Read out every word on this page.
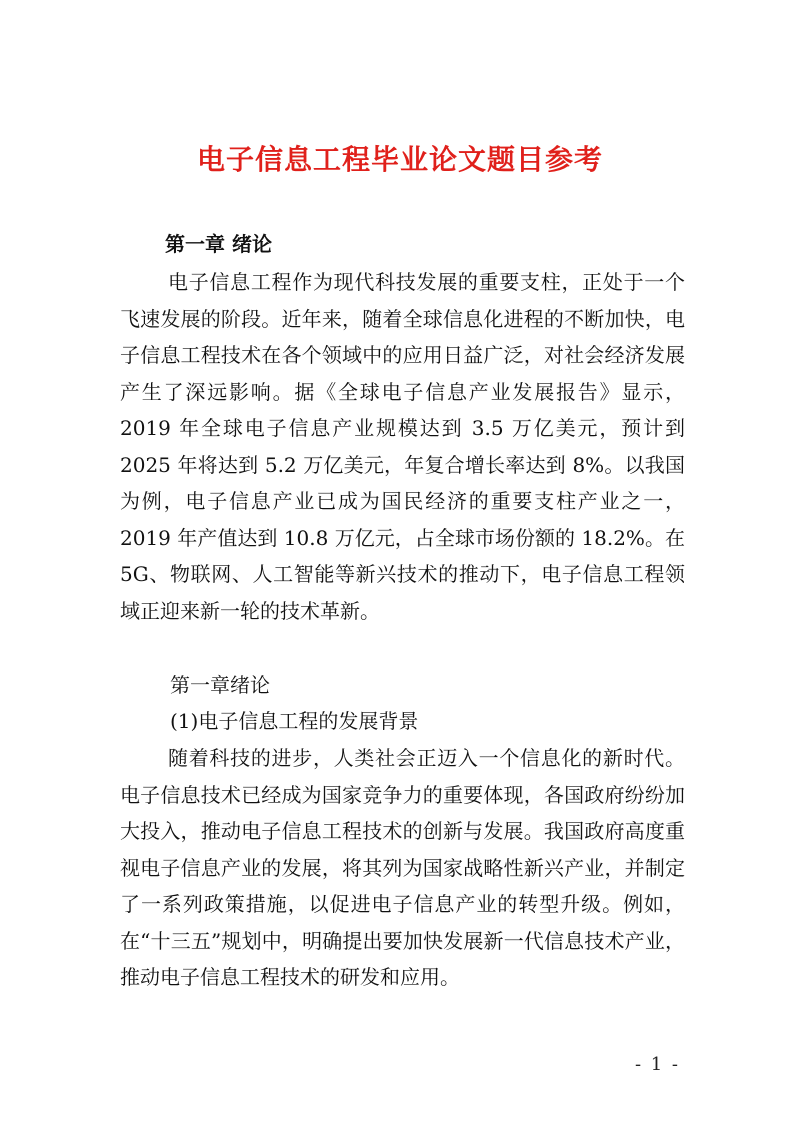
电子信息工程毕业论文题目参考

第一章 绪论

电子信息工程作为现代科技发展的重要支柱，正处于一个飞速发展的阶段。近年来，随着全球信息化进程的不断加快，电子信息工程技术在各个领域中的应用日益广泛，对社会经济发展产生了深远影响。据《全球电子信息产业发展报告》显示，2019 年全球电子信息产业规模达到 3.5 万亿美元，预计到 2025 年将达到 5.2 万亿美元，年复合增长率达到 8%。以我国为例，电子信息产业已成为国民经济的重要支柱产业之一，2019 年产值达到 10.8 万亿元，占全球市场份额的 18.2%。在 5G、物联网、人工智能等新兴技术的推动下，电子信息工程领域正迎来新一轮的技术革新。

第一章绪论

(1)电子信息工程的发展背景

随着科技的进步，人类社会正迈入一个信息化的新时代。电子信息技术已经成为国家竞争力的重要体现，各国政府纷纷加大投入，推动电子信息工程技术的创新与发展。我国政府高度重视电子信息产业的发展，将其列为国家战略性新兴产业，并制定了一系列政策措施，以促进电子信息产业的转型升级。例如，在“十三五”规划中，明确提出要加快发展新一代信息技术产业，推动电子信息工程技术的研发和应用。

- 1 -
